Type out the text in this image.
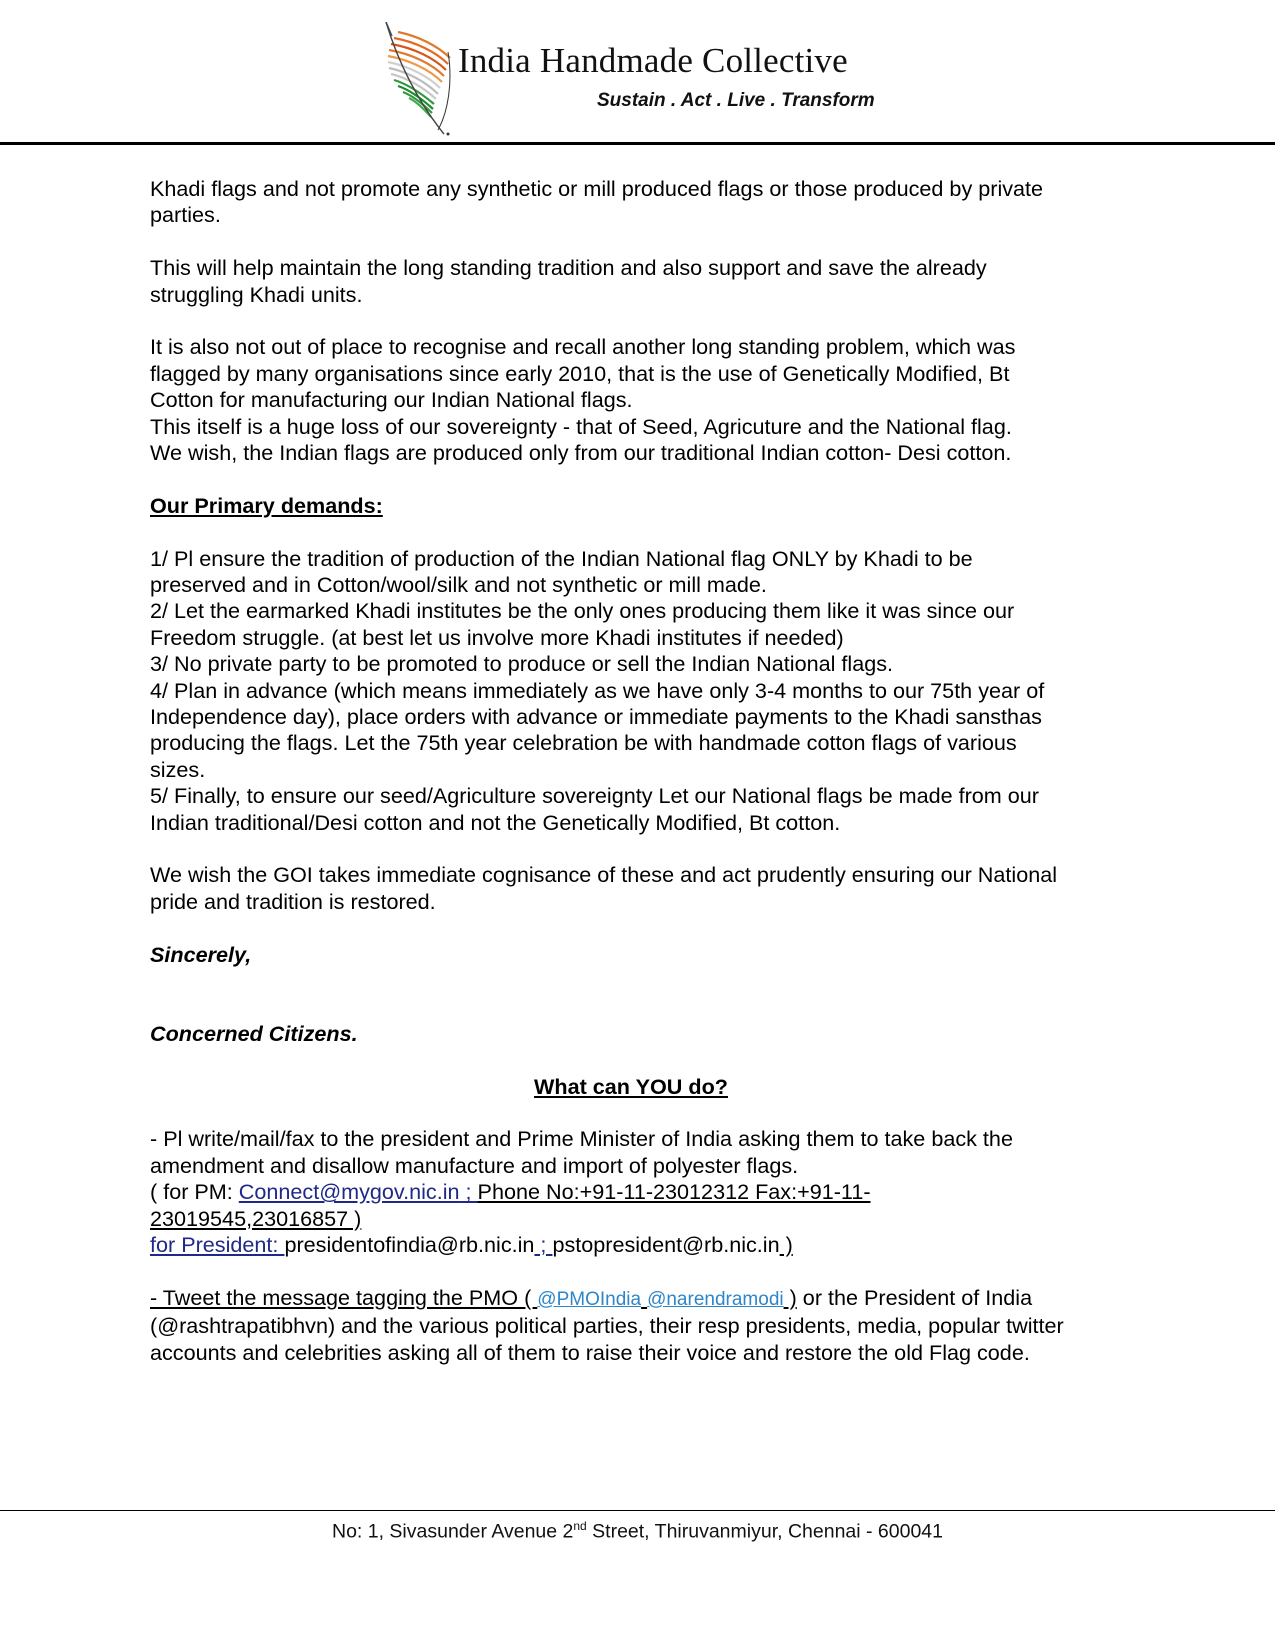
India Handmade Collective
Sustain . Act . Live . Transform

Khadi flags and not promote any synthetic or mill produced flags or those produced by private

parties.

This will help maintain the long standing tradition and also support and save the already

struggling Khadi units.

It is also not out of place to recognise and recall another long standing problem, which was

flagged by many organisations since early 2010, that is the use of Genetically Modified, Bt

Cotton for manufacturing our Indian National flags.

This itself is a huge loss of our sovereignty - that of Seed, Agricuture and the National flag.

We wish, the Indian flags are produced only from our traditional Indian cotton- Desi cotton.

Our Primary demands:

1/ Pl ensure the tradition of production of the Indian National flag ONLY by Khadi to be

preserved and in Cotton/wool/silk and not synthetic or mill made.

2/ Let the earmarked Khadi institutes be the only ones producing them like it was since our

Freedom struggle. (at best let us involve more Khadi institutes if needed)

3/ No private party to be promoted to produce or sell the Indian National flags.

4/ Plan in advance (which means immediately as we have only 3-4 months to our 75th year of

Independence day), place orders with advance or immediate payments to the Khadi sansthas

producing the flags. Let the 75th year celebration be with handmade cotton flags of various

sizes.

5/ Finally, to ensure our seed/Agriculture sovereignty Let our National flags be made from our

Indian traditional/Desi cotton and not the Genetically Modified, Bt cotton.

We wish the GOI takes immediate cognisance of these and act prudently ensuring our National

pride and tradition is restored.

Sincerely,

Concerned Citizens.

What can YOU do?

- Pl write/mail/fax to the president and Prime Minister of India asking them to take back the

amendment and disallow manufacture and import of polyester flags.

( for PM: Connect@mygov.nic.in ; Phone No:+91-11-23012312 Fax:+91-11-

23019545,23016857 )

for President: presidentofindia@rb.nic.in ; pstopresident@rb.nic.in )

- Tweet the message tagging the PMO ( @PMOIndia @narendramodi ) or the President of India

(@rashtrapatibhvn) and the various political parties, their resp presidents, media, popular twitter

accounts and celebrities asking all of them to raise their voice and restore the old Flag code.

No: 1, Sivasunder Avenue 2nd Street, Thiruvanmiyur, Chennai - 600041
